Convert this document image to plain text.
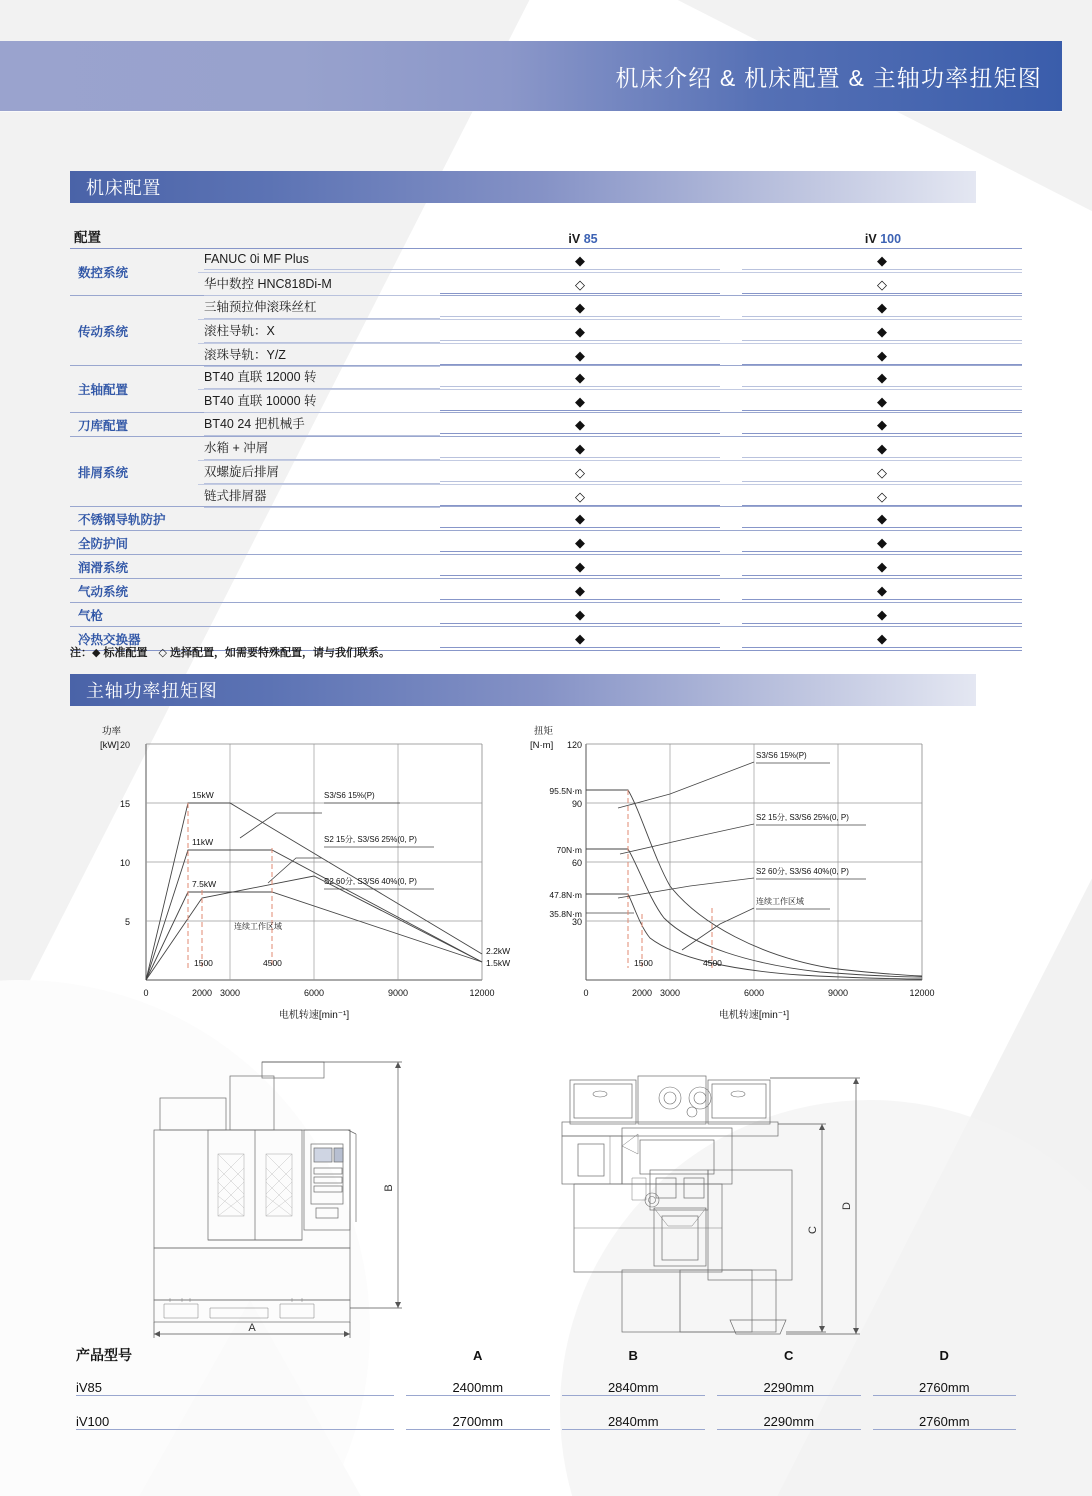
机床介绍 & 机床配置 & 主轴功率扭矩图
机床配置
配置	iV 85	iV 100
数控系统
FANUC 0i MF Plus	◆	◆
华中数控 HNC818Di-M	◇	◇
传动系统
三轴预拉伸滚珠丝杠	◆	◆
滚柱导轨：X	◆	◆
滚珠导轨：Y/Z	◆	◆
主轴配置
BT40 直联 12000 转	◆	◆
BT40 直联 10000 转	◆	◆
刀库配置	BT40 24 把机械手	◆	◆
排屑系统
水箱 + 冲屑	◆	◆
双螺旋后排屑	◇	◇
链式排屑器	◇	◇
不锈钢导轨防护	◆	◆
全防护间	◆	◆
润滑系统	◆	◆
气动系统	◆	◆
气枪	◆	◆
冷热交换器	◆	◆
注：◆ 标准配置　◇ 选择配置，如需要特殊配置，请与我们联系。
主轴功率扭矩图
功率
[kW] 20
15
10
5
0	2000 3000	6000	9000	12000
15kW
11kW
7.5kW
2.2kW
1.5kW
1500	4500
连续工作区域
S3/S6 15%(P)
S2 15分, S3/S6 25%(0, P)
S2 60分, S3/S6 40%(0, P)
电机转速[min⁻¹]
扭矩
[N·m] 120
90
60
30
95.5N·m
70N·m
47.8N·m
35.8N·m
0	2000 3000	6000	9000	12000
1500	4500
S3/S6 15%(P)
S2 15分, S3/S6 25%(0, P)
S2 60分, S3/S6 40%(0, P)
连续工作区域
电机转速[min⁻¹]
A
B
C
D
产品型号	A	B	C	D
iV85	2400mm	2840mm	2290mm	2760mm
iV100	2700mm	2840mm	2290mm	2760mm
